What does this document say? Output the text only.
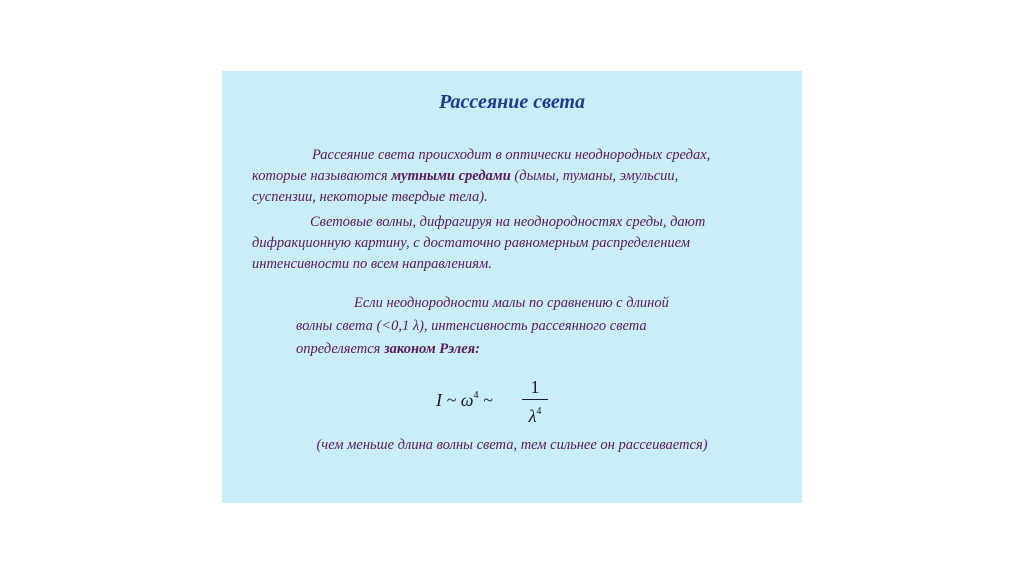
Рассеяние света
Рассеяние света происходит в оптически неоднородных средах,
которые называются мутными средами (дымы, туманы, эмульсии,
суспензии, некоторые твердые тела).
Световые волны, дифрагируя на неоднородностях среды, дают
дифракционную картину, с достаточно равномерным распределением
интенсивности по всем направлениям.
Если неоднородности малы по сравнению с длиной
волны света (<0,1 λ), интенсивность рассеянного света
определяется законом Рэлея:
I ~ $\omega^4$ ~
1
$\lambda^4$
(чем меньше длина волны света, тем сильнее он рассеивается)
